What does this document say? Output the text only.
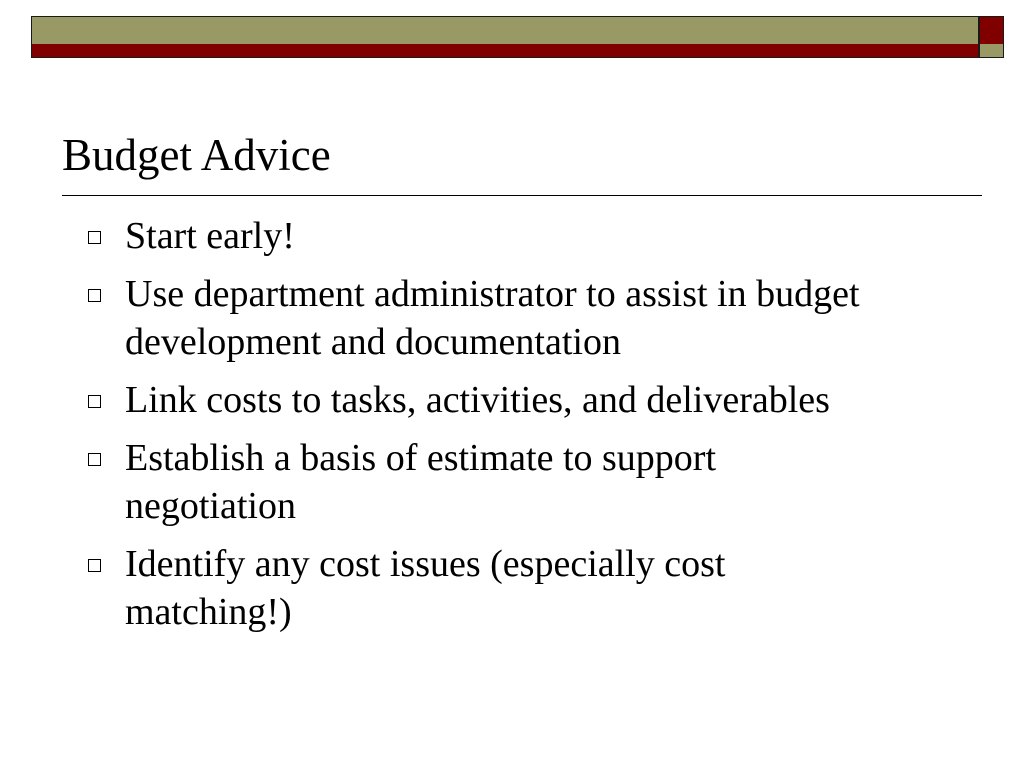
Budget Advice
Start early!
Use department administrator to assist in budget development and documentation
Link costs to tasks, activities, and deliverables
Establish a basis of estimate to support negotiation
Identify any cost issues (especially cost matching!)
